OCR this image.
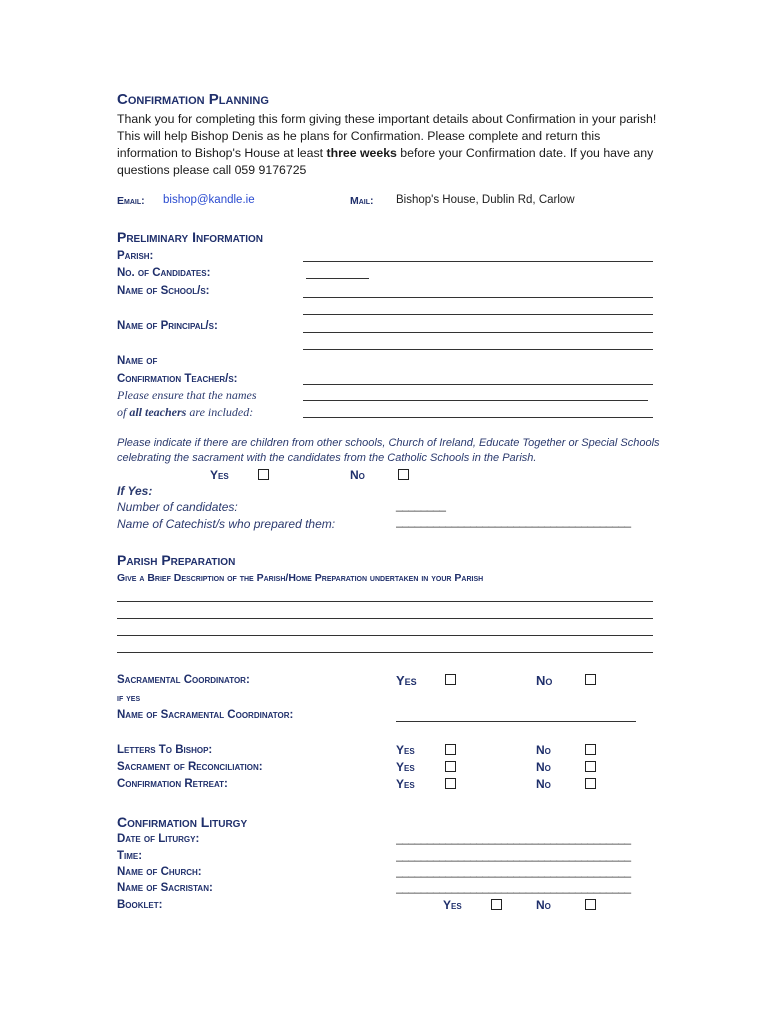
Confirmation Planning
Thank you for completing this form giving these important details about Confirmation in your parish! This will help Bishop Denis as he plans for Confirmation. Please complete and return this information to Bishop's House at least three weeks before your Confirmation date. If you have any questions please call 059 9176725
Email: bishop@kandle.ie	Mail: Bishop's House, Dublin Rd, Carlow
Preliminary Information
Parish:
No. of Candidates:
Name of School/s:
Name of Principal/s:
Name of
Confirmation Teacher/s:
Please ensure that the names
of all teachers are included:
Please indicate if there are children from other schools, Church of Ireland, Educate Together or Special Schools celebrating the sacrament with the candidates from the Catholic Schools in the Parish.
Yes	No
If Yes:
Number of candidates:	________
Name of Catechist/s who prepared them:	______________________________________
Parish Preparation
Give a Brief Description of the Parish/Home Preparation undertaken in your Parish
Sacramental Coordinator:	Yes	No
if yes
Name of Sacramental Coordinator:
Letters To Bishop:	Yes	No
Sacrament of Reconciliation:	Yes	No
Confirmation Retreat:	Yes	No
Confirmation Liturgy
Date of Liturgy:	______________________________________
Time:	______________________________________
Name of Church:	______________________________________
Name of Sacristan:	______________________________________
Booklet:	Yes	No
